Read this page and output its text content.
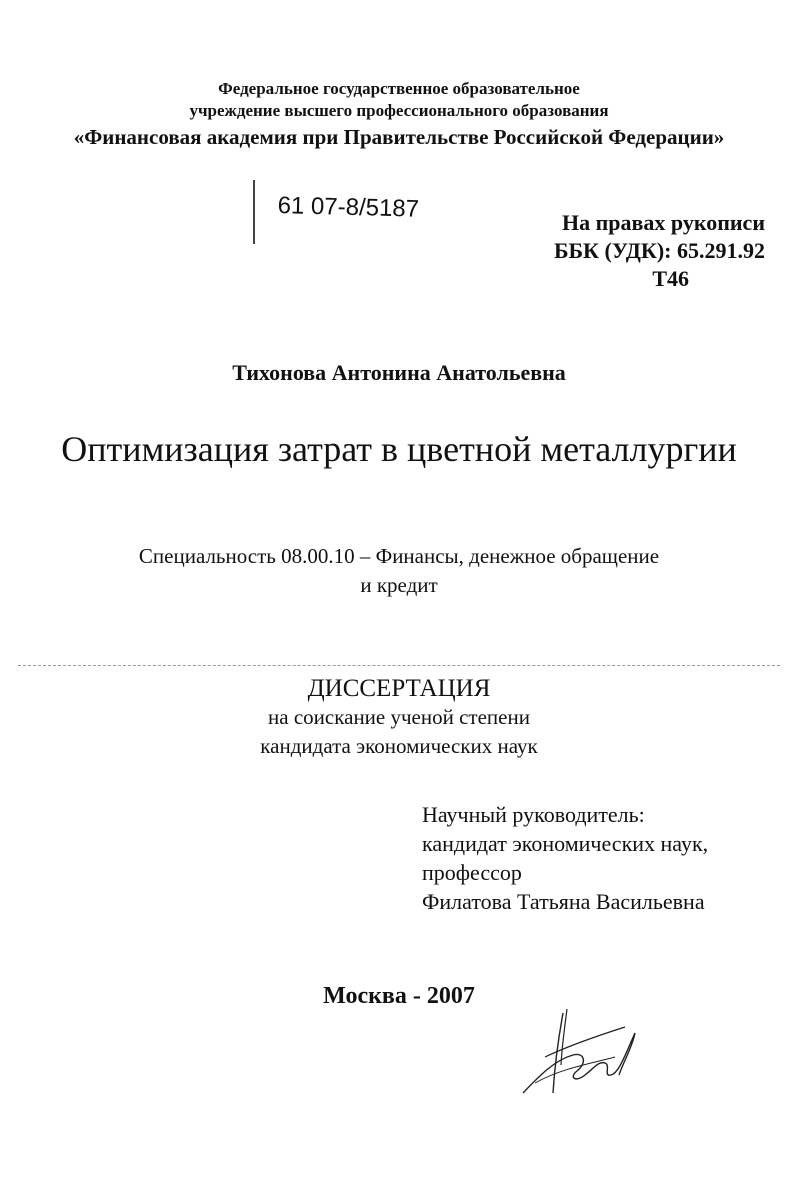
Федеральное государственное образовательное
учреждение высшего профессионального образования
«Финансовая академия при Правительстве Российской Федерации»
61 07-8/5187	На правах рукописи
ББК (УДК): 65.291.92
Т46
Тихонова Антонина Анатольевна
Оптимизация затрат в цветной металлургии
Специальность 08.00.10 – Финансы, денежное обращение
и кредит
ДИССЕРТАЦИЯ
на соискание ученой степени
кандидата экономических наук
Научный руководитель:
кандидат экономических наук,
профессор
Филатова Татьяна Васильевна
Москва - 2007
